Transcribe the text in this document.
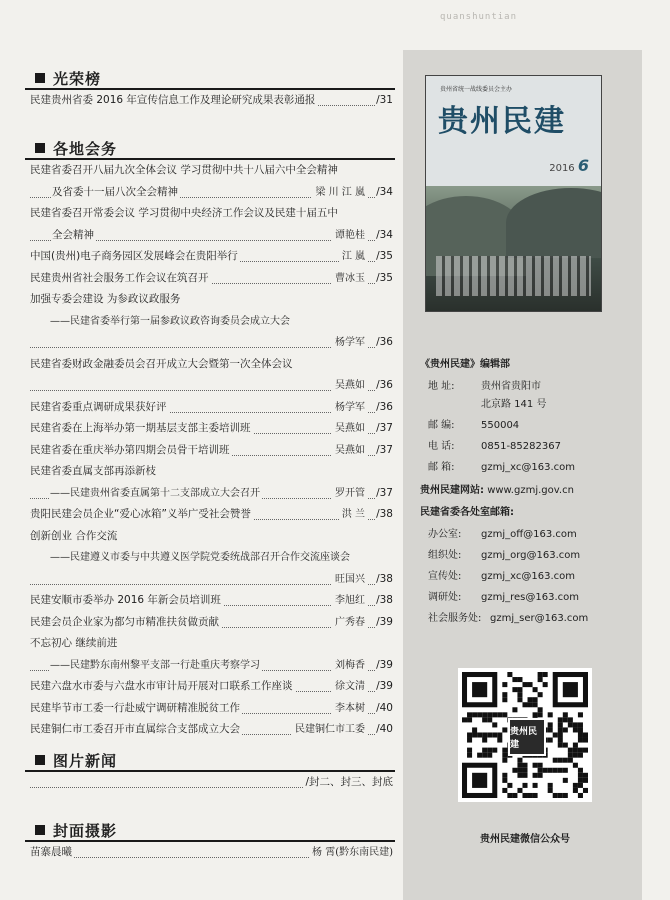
quanshuntian
光荣榜
民建贵州省委 2016 年宣传信息工作及理论研究成果表彰通报	/31
各地会务
民建省委召开八届九次全体会议 学习贯彻中共十八届六中全会精神
及省委十一届八次全会精神	梁 川 江 嵐 /34
民建省委召开常委会议 学习贯彻中央经济工作会议及民建十届五中
全会精神	谭艳桂 /34
中国(贵州)电子商务园区发展峰会在贵阳举行	江 嵐 /35
民建贵州省社会服务工作会议在筑召开	曹冰玉 /35
加强专委会建设 为参政议政服务
——民建省委举行第一届参政议政咨询委员会成立大会
杨学军 /36
民建省委财政金融委员会召开成立大会暨第一次全体会议
吴燕如 /36
民建省委重点调研成果获好评	杨学军 /36
民建省委在上海举办第一期基层支部主委培训班	吴燕如 /37
民建省委在重庆举办第四期会员骨干培训班	吴燕如 /37
民建省委直属支部再添新枝
——民建贵州省委直属第十二支部成立大会召开	罗开管 /37
贵阳民建会员企业“爱心冰箱”义举广受社会赞誉	洪 兰 /38
创新创业 合作交流
——民建遵义市委与中共遵义医学院党委统战部召开合作交流座谈会
旺国兴 /38
民建安顺市委举办 2016 年新会员培训班	李旭红 /38
民建会员企业家为都匀市精准扶贫做贡献	广秀春 /39
不忘初心 继续前进
——民建黔东南州黎平支部一行赴重庆考察学习	刘梅香 /39
民建六盘水市委与六盘水市审计局开展对口联系工作座谈	徐文清 /39
民建毕节市工委一行赴威宁调研精准脱贫工作	李本树 /40
民建铜仁市工委召开市直属综合支部成立大会	民建铜仁市工委 /40
图片新闻
/封二、封三、封底
封面摄影
苗寨晨曦	杨 霄(黔东南民建)
贵州省统一战线委员会主办
贵州民建
2016 6
《贵州民建》编辑部
地 址:	贵州省贵阳市
北京路 141 号
邮 编:	550004
电 话:	0851-85282367
邮 箱:	gzmj_xc@163.com
贵州民建网站: www.gzmj.gov.cn
民建省委各处室邮箱:
办公室: gzmj_off@163.com
组织处: gzmj_org@163.com
宣传处: gzmj_xc@163.com
调研处: gzmj_res@163.com
社会服务处: gzmj_ser@163.com
贵州民建
贵州民建微信公众号
